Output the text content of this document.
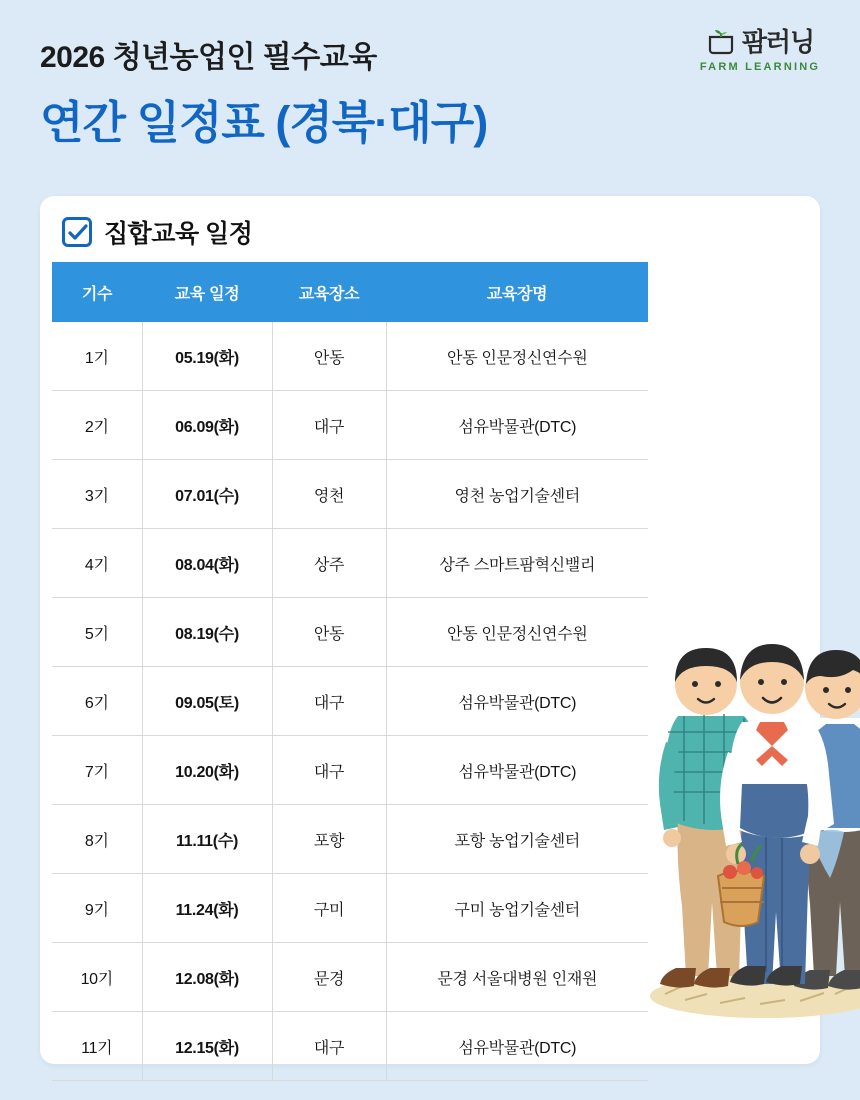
2026 청년농업인 필수교육
연간 일정표 (경북·대구)
팜러닝
FARM LEARNING
집합교육 일정
기수	교육 일정	교육장소	교육장명
1기	05.19(화)	안동	안동 인문정신연수원
2기	06.09(화)	대구	섬유박물관(DTC)
3기	07.01(수)	영천	영천 농업기술센터
4기	08.04(화)	상주	상주 스마트팜혁신밸리
5기	08.19(수)	안동	안동 인문정신연수원
6기	09.05(토)	대구	섬유박물관(DTC)
7기	10.20(화)	대구	섬유박물관(DTC)
8기	11.11(수)	포항	포항 농업기술센터
9기	11.24(화)	구미	구미 농업기술센터
10기	12.08(화)	문경	문경 서울대병원 인재원
11기	12.15(화)	대구	섬유박물관(DTC)
